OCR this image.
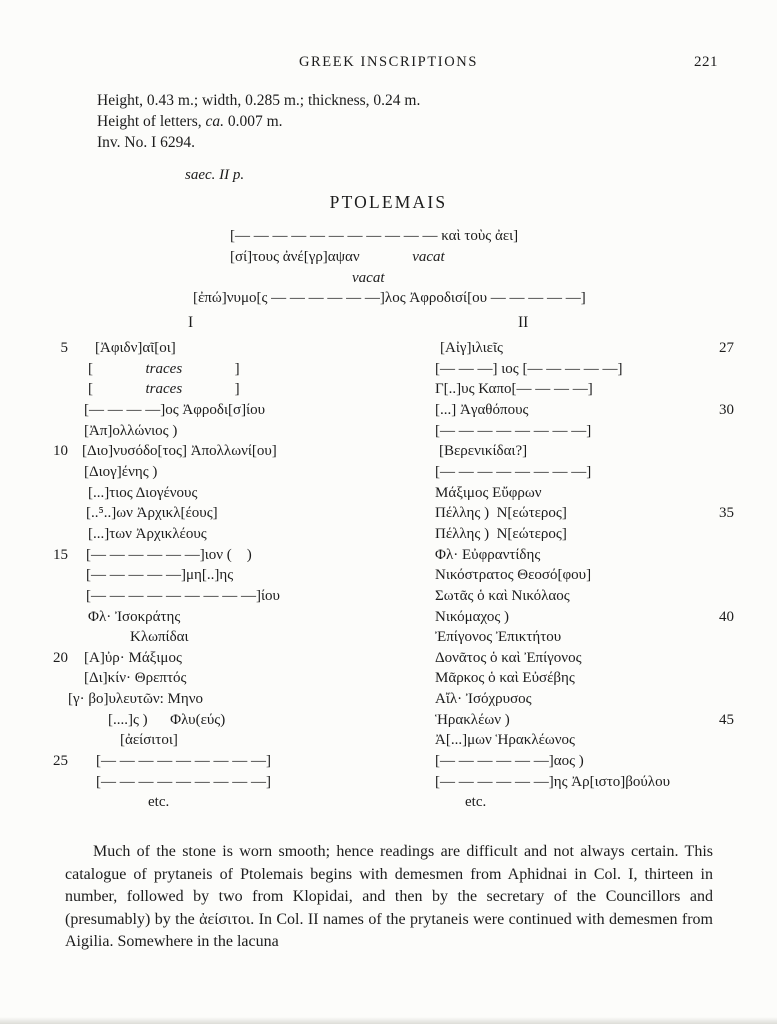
GREEK INSCRIPTIONS	221
Height, 0.43 m.; width, 0.285 m.; thickness, 0.24 m.
Height of letters, ca. 0.007 m.
Inv. No. I 6294.
saec. II p.
PTOLEMAIS
[— — — — — — — — — — — καὶ τοὺς ἀει]
[σί]τους ἀνέ[γρ]αψαν    	vacat
vacat
[ἐπώ]νυμο[ς — — — — — —]λος Ἀφροδισί[ου — — — — —]
I	II
5	[Ἀφιδν]αῖ[οι]	[Αἰγ]ιλιεῖς	27
[    traces    ]	[— — —] ιος [— — — — —]
[    traces    ]	Γ[..]υς Καπο[— — — —]
[— — — —]ος Ἀφροδι[σ]ίου	[...] Ἀγαθόπους	30
[Ἀπ]ολλώνιος )	[— — — — — — — —]
10 [Διο]νυσόδο[τος] Ἀπολλωνί[ου]	[Βερενικίδαι?]
[Διογ]ένης )	[— — — — — — — —]
[...]τιος Διογένους	Μάξιμος Εὔφρων
[..⁵..]ων Ἀρχικλ[έους]	Πέλλης ) Ν[εώτερος]	35
[...]των Ἀρχικλέους	Πέλλης ) Ν[εώτερος]
15	[— — — — — —]ιον (  )	Φλ· Εὐφραντίδης
[— — — — —]μη[..]ης	Νικόστρατος Θεοσό[φου]
[— — — — — — — — —]ίου	Σωτᾶς ὁ καὶ Νικόλαος
Φλ· Ἰσοκράτης	Νικόμαχος )	40
Κλωπίδαι	Ἐπίγονος Ἐπικτήτου
20	[Α]ὐρ· Μάξιμος	Δονᾶτος ὁ καὶ Ἐπίγονος
[Δι]κίν· Θρεπτός	Μᾶρκος ὁ καὶ Εὐσέβης
[γ· βο]υλευτῶν: Μηνο	Αἴλ· Ἰσόχρυσος
[....]ς )  Φλυ(εύς)	Ἡρακλέων )	45
[ἀείσιτοι]	Ἀ[...]μων Ἡρακλέωνος
25	[— — — — — — — — —]	[— — — — — —]αος )
[— — — — — — — — —]	[— — — — — —]ης Ἀρ[ιστο]βούλου
etc.	etc.

Much of the stone is worn smooth; hence readings are difficult and not always certain. This catalogue of prytaneis of Ptolemais begins with demesmen from Aphidnai in Col. I, thirteen in number, followed by two from Klopidai, and then by the secretary of the Councillors and (presumably) by the ἀείσιτοι. In Col. II names of the prytaneis were continued with demesmen from Aigilia. Somewhere in the lacuna
